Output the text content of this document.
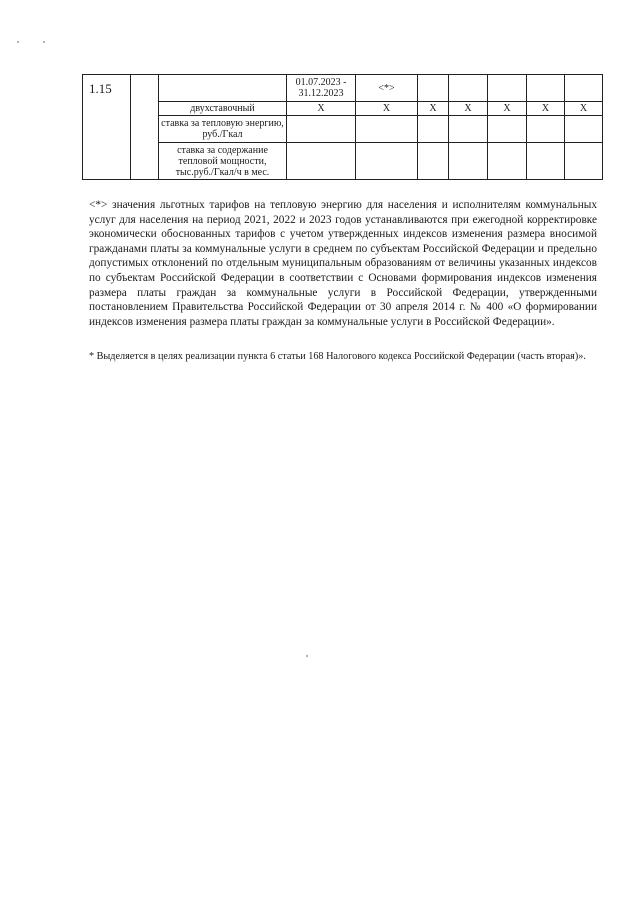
1.15			01.07.2023 - 31.12.2023	<*>					
		двухставочный	X	X	X	X	X	X	X
		ставка за тепловую энергию, руб./Гкал							
		ставка за содержание тепловой мощности, тыс.руб./Гкал/ч в мес.							

<*> значения льготных тарифов на тепловую энергию для населения и исполнителям коммунальных услуг для населения на период 2021, 2022 и 2023 годов устанавливаются при ежегодной корректировке экономически обоснованных тарифов с учетом утвержденных индексов изменения размера вносимой гражданами платы за коммунальные услуги в среднем по субъектам Российской Федерации и предельно допустимых отклонений по отдельным муниципальным образованиям от величины указанных индексов по субъектам Российской Федерации в соответствии с Основами формирования индексов изменения размера платы граждан за коммунальные услуги в Российской Федерации, утвержденными постановлением Правительства Российской Федерации от 30 апреля 2014 г. № 400 «О формировании индексов изменения размера платы граждан за коммунальные услуги в Российской Федерации».

* Выделяется в целях реализации пункта 6 статьи 168 Налогового кодекса Российской Федерации (часть вторая)».
